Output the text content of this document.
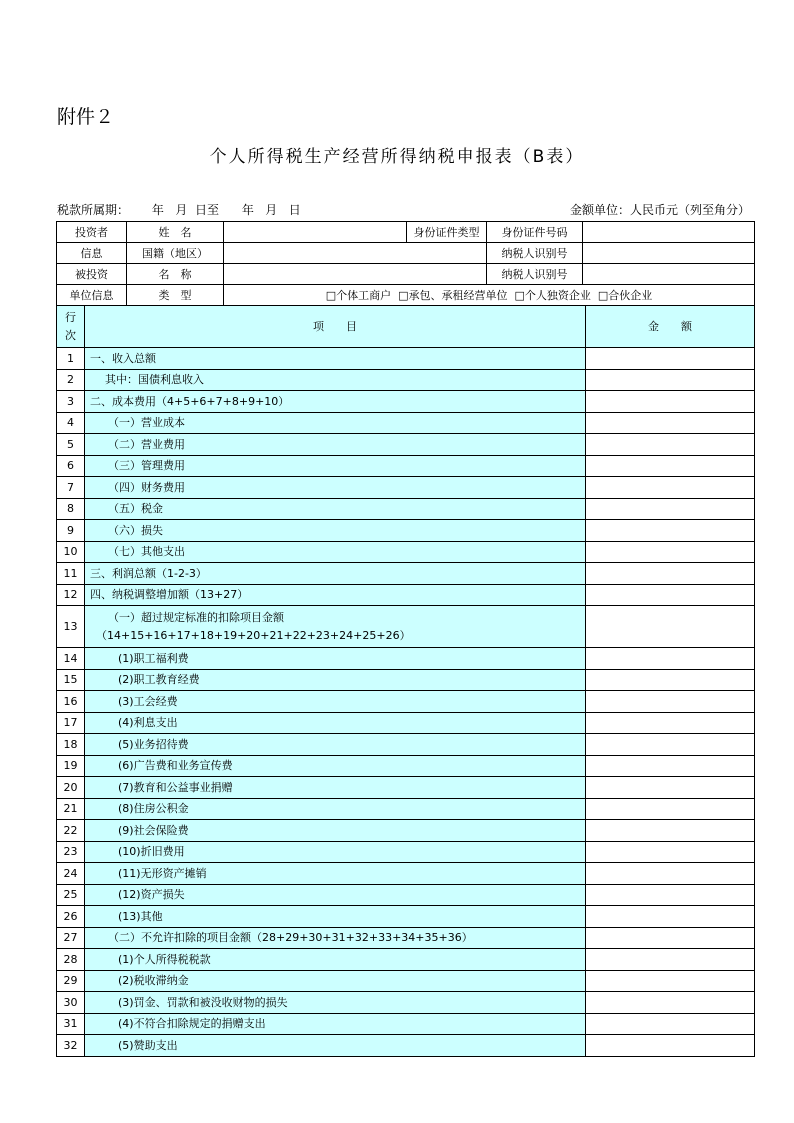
附件２
个人所得税生产经营所得纳税申报表（B表）
税款所属期：      年   月  日至      年   月   日	金额单位：人民币元（列至角分）
投资者	姓　名		身份证件类型	身份证件号码	
信息	国籍（地区）			纳税人识别号	
被投资	名　称			纳税人识别号	
单位信息	类　型	□个体工商户  □承包、承租经营单位  □个人独资企业  □合伙企业			
行
次	项　　目	金　　额
1	一、收入总额	
2	其中：国债利息收入	
3	二、成本费用（4+5+6+7+8+9+10）	
4	（一）营业成本	
5	（二）营业费用	
6	（三）管理费用	
7	（四）财务费用	
8	（五）税金	
9	（六）损失	
10	（七）其他支出	
11	三、利润总额（1-2-3）	
12	四、纳税调整增加额（13+27）	
13	（一）超过规定标准的扣除项目金额

（14+15+16+17+18+19+20+21+22+23+24+25+26）	

14	(1)职工福利费	
15	(2)职工教育经费	
16	(3)工会经费	
17	(4)利息支出	
18	(5)业务招待费	
19	(6)广告费和业务宣传费	
20	(7)教育和公益事业捐赠	
21	(8)住房公积金	
22	(9)社会保险费	
23	(10)折旧费用	
24	(11)无形资产摊销	
25	(12)资产损失	
26	(13)其他	
27	（二）不允许扣除的项目金额（28+29+30+31+32+33+34+35+36）	
28	(1)个人所得税税款	
29	(2)税收滞纳金	
30	(3)罚金、罚款和被没收财物的损失	
31	(4)不符合扣除规定的捐赠支出	
32	(5)赞助支出	
